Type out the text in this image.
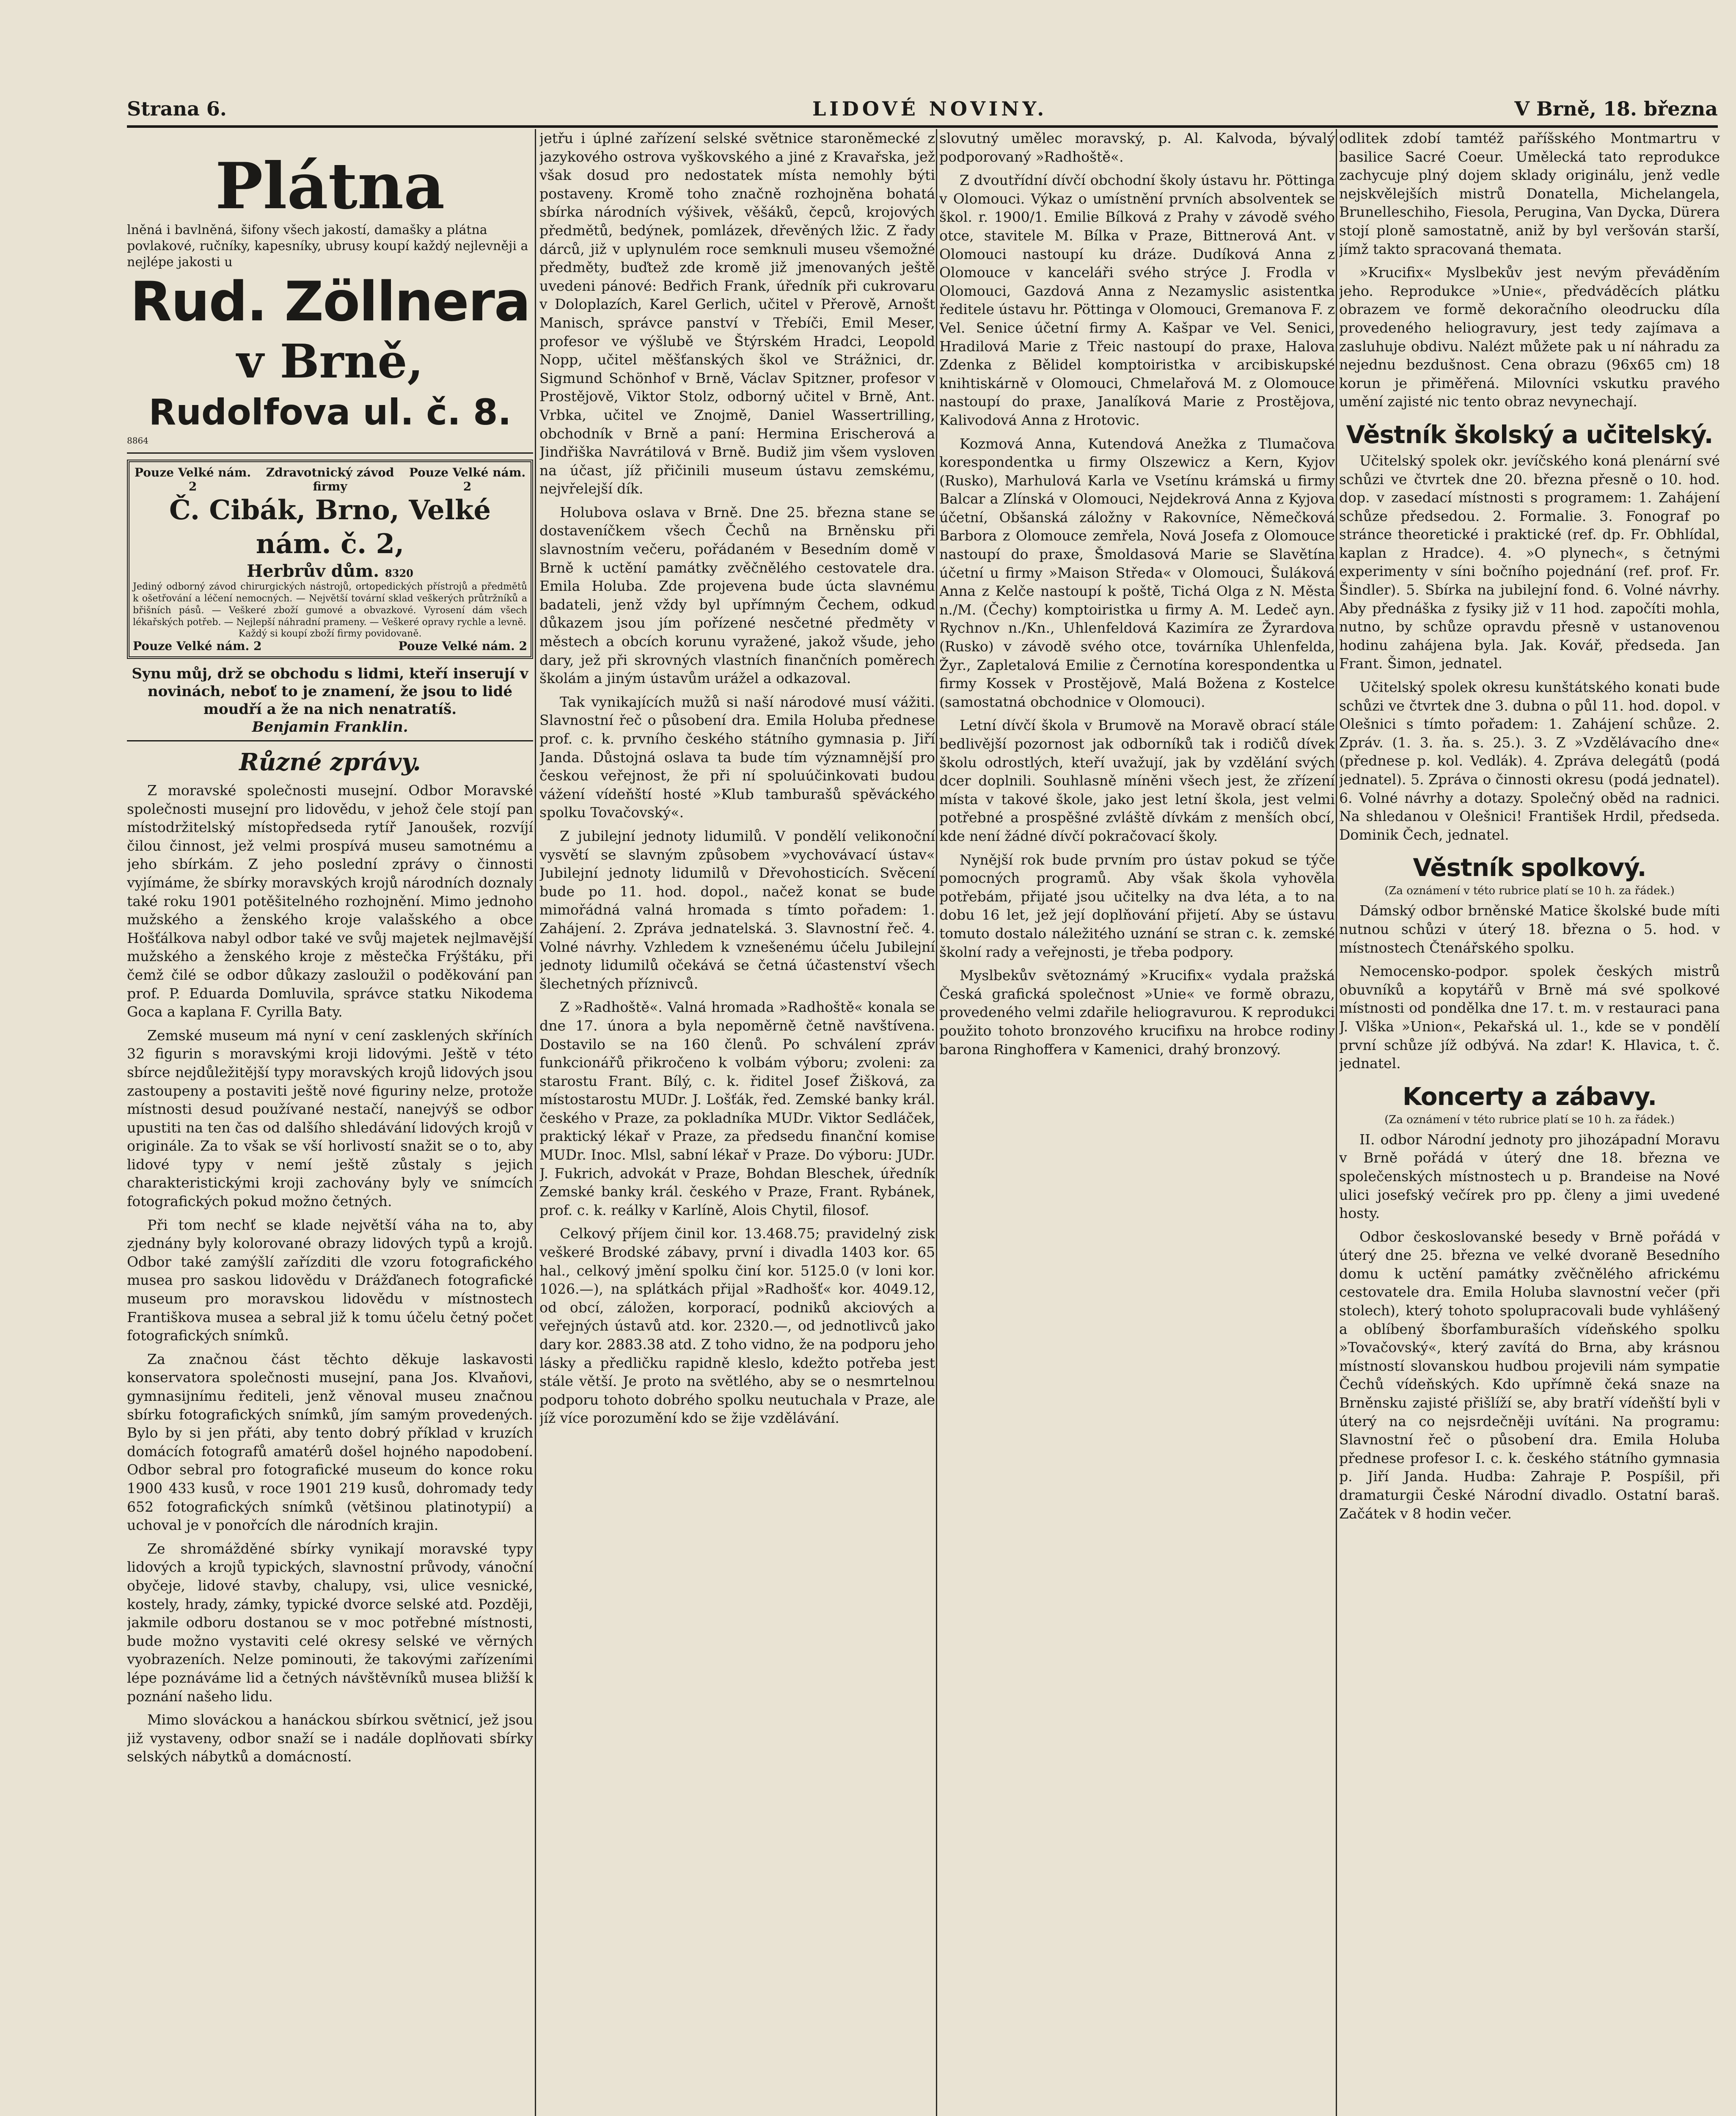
Strana 6.	LIDOVÉ NOVINY.	V Brně, 18. března
Plátna
lněná i bavlněná, šifony všech jakostí, damašky a plátna povlakové, ručníky, kapesníky, ubrusy koupí každý nejlevněji a nejlépe jakosti u
Rud. Zöllnera
v Brně,
Rudolfova ul. č. 8.
8864
Pouze Velké nám. 2
Zdravotnický závod firmy
Pouze Velké nám. 2
Č. Cibák, Brno, Velké nám. č. 2,
Herbrův dům. 8320
Jediný odborný závod chirurgických nástrojů, ortopedických přístrojů a předmětů k ošetřování a léčení nemocných. — Největší tovární sklad veškerých průtržníků a břišních pásů. — Veškeré zboží gumové a obvazkové. Vyrosení dám všech lékařských potřeb. — Nejlepší náhradní prameny. — Veškeré opravy rychle a levně.
Každý si koupí zboží firmy povidovaně.
Pouze Velké nám. 2	Pouze Velké nám. 2
Synu můj, drž se obchodu s lidmi, kteří inserují v novinách, neboť to je znamení, že jsou to lidé moudří a že na nich nenatratíš.
Benjamin Franklin.
Různé zprávy.

Z moravské společnosti musejní. Odbor Moravské společnosti musejní pro lidovědu, v jehož čele stojí pan místodržitelský místopředseda rytíř Janoušek, rozvíjí čilou činnost, jež velmi prospívá museu samotnému a jeho sbírkám. Z jeho poslední zprávy o činnosti vyjímáme, že sbírky moravských krojů národních doznaly také roku 1901 potěšitelného rozhojnění. Mimo jednoho mužského a ženského kroje valašského a obce Hošťálkova nabyl odbor také ve svůj majetek nejlmavější mužského a ženského kroje z městečka Frýštáku, při čemž čilé se odbor důkazy zasloužil o poděkování pan prof. P. Eduarda Domluvila, správce statku Nikodema Goca a kaplana F. Cyrilla Baty.

Zemské museum má nyní v cení zasklených skříních 32 figurin s moravskými kroji lidovými. Ještě v této sbírce nejdůležitější typy moravských krojů lidových jsou zastoupeny a postaviti ještě nové figuriny nelze, protože místnosti desud používané nestačí, nanejvýš se odbor upustiti na ten čas od dalšího shledávání lidových krojů v originále. Za to však se vší horlivostí snažit se o to, aby lidové typy v nemí ještě zůstaly s jejich charakteristickými kroji zachovány byly ve snímcích fotografických pokud možno četných.

Při tom nechť se klade největší váha na to, aby zjednány byly kolorované obrazy lidových typů a krojů. Odbor také zamýšlí zařízditi dle vzoru fotografického musea pro saskou lidovědu v Drážďanech fotografické museum pro moravskou lidovědu v místnostech Františkova musea a sebral již k tomu účelu četný počet fotografických snímků.

Za značnou část těchto děkuje laskavosti konservatora společnosti musejní, pana Jos. Klvaňovi, gymnasijnímu řediteli, jenž věnoval museu značnou sbírku fotografických snímků, jím samým provedených. Bylo by si jen přáti, aby tento dobrý příklad v kruzích domácích fotografů amatérů došel hojného napodobení. Odbor sebral pro fotografické museum do konce roku 1900 433 kusů, v roce 1901 219 kusů, dohromady tedy 652 fotografických snímků (většinou platinotypií) a uchoval je v ponořcích dle národních krajin.

Ze shromážděné sbírky vynikají moravské typy lidových a krojů typických, slavnostní průvody, vánoční obyčeje, lidové stavby, chalupy, vsi, ulice vesnické, kostely, hrady, zámky, typické dvorce selské atd. Později, jakmile odboru dostanou se v moc potřebné místnosti, bude možno vystaviti celé okresy selské ve věrných vyobrazeních. Nelze pominouti, že takovými zařízeními lépe poznáváme lid a četných návštěvníků musea bližší k poznání našeho lidu.

Mimo slováckou a hanáckou sbírkou světnicí, jež jsou již vystaveny, odbor snaží se i nadále doplňovati sbírky selských nábytků a domácností.

jetřu i úplné zařízení selské světnice staroněmecké z jazykového ostrova vyškovského a jiné z Kravařska, jež však dosud pro nedostatek místa nemohly býti postaveny. Kromě toho značně rozhojněna bohatá sbírka národních výšivek, věšáků, čepců, krojových předmětů, bedýnek, pomlázek, dřevěných lžic. Z řady dárců, již v uplynulém roce semknuli museu všemožné předměty, buďtež zde kromě již jmenovaných ještě uvedeni pánové: Bedřich Frank, úředník při cukrovaru v Doloplazích, Karel Gerlich, učitel v Přerově, Arnošt Manisch, správce panství v Třebíči, Emil Meser, profesor ve výšlubě ve Štýrském Hradci, Leopold Nopp, učitel měšťanských škol ve Strážnici, dr. Sigmund Schönhof v Brně, Václav Spitzner, profesor v Prostějově, Viktor Stolz, odborný učitel v Brně, Ant. Vrbka, učitel ve Znojmě, Daniel Wassertrilling, obchodník v Brně a paní: Hermina Erischerová a Jindřiška Navrátilová v Brně. Budiž jim všem vysloven na účast, jíž přičinili museum ústavu zemskému, nejvřelejší dík.

Holubova oslava v Brně. Dne 25. března stane se dostaveníčkem všech Čechů na Brněnsku při slavnostním večeru, pořádaném v Besedním domě v Brně k uctění památky zvěčnělého cestovatele dra. Emila Holuba. Zde projevena bude úcta slavnému badateli, jenž vždy byl upřímným Čechem, odkud důkazem jsou jím pořízené nesčetné předměty v městech a obcích korunu vyražené, jakož všude, jeho dary, jež při skrovných vlastních finančních poměrech školám a jiným ústavům urážel a odkazoval.

Tak vynikajících mužů si naší národové musí vážiti. Slavnostní řeč o působení dra. Emila Holuba přednese prof. c. k. prvního českého státního gymnasia p. Jiří Janda. Důstojná oslava ta bude tím významnější pro českou veřejnost, že při ní spoluúčinkovati budou vážení vídeňští hosté »Klub tamburašů spěváckého spolku Tovačovský«.

Z jubilejní jednoty lidumilů. V pondělí velikonoční vysvětí se slavným způsobem »vychovávací ústav« Jubilejní jednoty lidumilů v Dřevohosticích. Svěcení bude po 11. hod. dopol., načež konat se bude mimořádná valná hromada s tímto pořadem: 1. Zahájení. 2. Zpráva jednatelská. 3. Slavnostní řeč. 4. Volné návrhy. Vzhledem k vznešenému účelu Jubilejní jednoty lidumilů očekává se četná účastenství všech šlechetných příznivců.

Z »Radhoště«. Valná hromada »Radhoště« konala se dne 17. února a byla nepoměrně četně navštívena. Dostavilo se na 160 členů. Po schválení zpráv funkcionářů přikročeno k volbám výboru; zvoleni: za starostu Frant. Bílý, c. k. řiditel Josef Žišková, za místostarostu MUDr. J. Lošťák, řed. Zemské banky král. českého v Praze, za pokladníka MUDr. Viktor Sedláček, praktický lékař v Praze, za předsedu finanční komise MUDr. Inoc. Mlsl, sabní lékař v Praze. Do výboru: JUDr. J. Fukrich, advokát v Praze, Bohdan Bleschek, úředník Zemské banky král. českého v Praze, Frant. Rybánek, prof. c. k. reálky v Karlíně, Alois Chytil, filosof.

Celkový příjem činil kor. 13.468.75; pravidelný zisk veškeré Brodské zábavy, první i divadla 1403 kor. 65 hal., celkový jmění spolku činí kor. 5125.0 (v loni kor. 1026.—), na splátkách přijal »Radhošť« kor. 4049.12, od obcí, záložen, korporací, podniků akciových a veřejných ústavů atd. kor. 2320.—, od jednotlivců jako dary kor. 2883.38 atd. Z toho vidno, že na podporu jeho lásky a předličku rapidně kleslo, kdežto potřeba jest stále větší. Je proto na světlého, aby se o nesmrtelnou podporu tohoto dobrého spolku neutuchala v Praze, ale jíž více porozumění kdo se žije vzdělávání.

slovutný umělec moravský, p. Al. Kalvoda, bývalý podporovaný »Radhoště«.

Z dvoutřídní dívčí obchodní školy ústavu hr. Pöttinga v Olomouci. Výkaz o umístnění prvních absolventek se škol. r. 1900/1. Emilie Bílková z Prahy v závodě svého otce, stavitele M. Bílka v Praze, Bittnerová Ant. v Olomouci nastoupí ku dráze. Dudíková Anna z Olomouce v kanceláři svého strýce J. Frodla v Olomouci, Gazdová Anna z Nezamyslic asistentka ředitele ústavu hr. Pöttinga v Olomouci, Gremanova F. z Vel. Senice účetní firmy A. Kašpar ve Vel. Senici, Hradilová Marie z Třeic nastoupí do praxe, Halova Zdenka z Bělidel komptoiristka v arcibiskupské knihtiskárně v Olomouci, Chmelařová M. z Olomouce nastoupí do praxe, Janalíková Marie z Prostějova, Kalivodová Anna z Hrotovic.

Kozmová Anna, Kutendová Anežka z Tlumačova korespondentka u firmy Olszewicz a Kern, Kyjov (Rusko), Marhulová Karla ve Vsetínu krámská u firmy Balcar a Zlínská v Olomouci, Nejdekrová Anna z Kyjova účetní, Obšanská záložny v Rakovníce, Němečková Barbora z Olomouce zemřela, Nová Josefa z Olomouce nastoupí do praxe, Šmoldasová Marie se Slavětína účetní u firmy »Maison Středa« v Olomouci, Šuláková Anna z Kelče nastoupí k poště, Tichá Olga z N. Města n./M. (Čechy) komptoiristka u firmy A. M. Ledeč ayn. Rychnov n./Kn., Uhlenfeldová Kazimíra ze Žyrardova (Rusko) v závodě svého otce, továrníka Uhlenfelda, Žyr., Zapletalová Emilie z Černotína korespondentka u firmy Kossek v Prostějově, Malá Božena z Kostelce (samostatná obchodnice v Olomouci).

Letní dívčí škola v Brumově na Moravě obrací stále bedlivější pozornost jak odborníků tak i rodičů dívek školu odrostlých, kteří uvažují, jak by vzdělání svých dcer doplnili. Souhlasně míněni všech jest, že zřízení místa v takové škole, jako jest letní škola, jest velmi potřebné a prospěšné zvláště dívkám z menších obcí, kde není žádné dívčí pokračovací školy.

Nynější rok bude prvním pro ústav pokud se týče pomocných programů. Aby však škola vyhověla potřebám, přijaté jsou učitelky na dva léta, a to na dobu 16 let, jež její doplňování přijetí. Aby se ústavu tomuto dostalo náležitého uznání se stran c. k. zemské školní rady a veřejnosti, je třeba podpory.

Myslbekův světoznámý »Krucifix« vydala pražská Česká grafická společnost »Unie« ve formě obrazu, provedeného velmi zdařile heliogravurou. K reprodukci použito tohoto bronzového krucifixu na hrobce rodiny barona Ringhoffera v Kamenici, drahý bronzový.

odlitek zdobí tamtéž paříšského Montmartru v basilice Sacré Coeur. Umělecká tato reprodukce zachycuje plný dojem sklady originálu, jenž vedle nejskvělejších mistrů Donatella, Michelangela, Brunelleschiho, Fiesola, Perugina, Van Dycka, Dürera stojí ploně samostatně, aniž by byl veršován starší, jímž takto spracovaná themata.

»Krucifix« Myslbekův jest nevým převáděním jeho. Reprodukce »Unie«, předváděcích plátku obrazem ve formě dekoračního oleodrucku díla provedeného heliogravury, jest tedy zajímava a zasluhuje obdivu. Nalézt můžete pak u ní náhradu za nejednu bezdušnost. Cena obrazu (96x65 cm) 18 korun je přiměřená. Milovníci vskutku pravého umění zajisté nic tento obraz nevynechají.

Věstník školský a učitelský.

Učitelský spolek okr. jevíčského koná plenární své schůzi ve čtvrtek dne 20. března přesně o 10. hod. dop. v zasedací místnosti s programem: 1. Zahájení schůze předsedou. 2. Formalie. 3. Fonograf po stránce theoretické i praktické (ref. dp. Fr. Obhlídal, kaplan z Hradce). 4. »O plynech«, s četnými experimenty v síni bočního pojednání (ref. prof. Fr. Šindler). 5. Sbírka na jubilejní fond. 6. Volné návrhy. Aby přednáška z fysiky již v 11 hod. započíti mohla, nutno, by schůze opravdu přesně v ustanovenou hodinu zahájena byla. Jak. Kovář, předseda. Jan Frant. Šimon, jednatel.

Učitelský spolek okresu kunštátského konati bude schůzi ve čtvrtek dne 3. dubna o půl 11. hod. dopol. v Olešnici s tímto pořadem: 1. Zahájení schůze. 2. Zpráv. (1. 3. ňa. s. 25.). 3. Z »Vzdělávacího dne« (přednese p. kol. Vedlák). 4. Zpráva delegátů (podá jednatel). 5. Zpráva o činnosti okresu (podá jednatel). 6. Volné návrhy a dotazy. Společný oběd na radnici. Na shledanou v Olešnici! František Hrdil, předseda. Dominik Čech, jednatel.

Věstník spolkový.
(Za oznámení v této rubrice platí se 10 h. za řádek.)

Dámský odbor brněnské Matice školské bude míti nutnou schůzi v úterý 18. března o 5. hod. v místnostech Čtenářského spolku.

Nemocensko-podpor. spolek českých mistrů obuvníků a kopytářů v Brně má své spolkové místnosti od pondělka dne 17. t. m. v restauraci pana J. Vlška »Union«, Pekařská ul. 1., kde se v pondělí první schůze jíž odbývá. Na zdar! K. Hlavica, t. č. jednatel.

Koncerty a zábavy.
(Za oznámení v této rubrice platí se 10 h. za řádek.)

II. odbor Národní jednoty pro jihozápadní Moravu v Brně pořádá v úterý dne 18. března ve společenských místnostech u p. Brandeise na Nové ulici josefský večírek pro pp. členy a jimi uvedené hosty.

Odbor českoslovanské besedy v Brně pořádá v úterý dne 25. března ve velké dvoraně Besedního domu k uctění památky zvěčnělého africkému cestovatele dra. Emila Holuba slavnostní večer (při stolech), který tohoto spolupracovali bude vyhlášený a oblíbený šborfamburaších vídeňského spolku »Tovačovský«, který zavítá do Brna, aby krásnou místností slovanskou hudbou projevili nám sympatie Čechů vídeňských. Kdo upřímně čeká snaze na Brněnsku zajisté přišlíží se, aby bratří vídeňští byli v úterý na co nejsrdečněji uvítáni. Na programu: Slavnostní řeč o působení dra. Emila Holuba přednese profesor I. c. k. českého státního gymnasia p. Jiří Janda. Hudba: Zahraje P. Pospíšil, při dramaturgii České Národní divadlo. Ostatní baraš. Začátek v 8 hodin večer.
